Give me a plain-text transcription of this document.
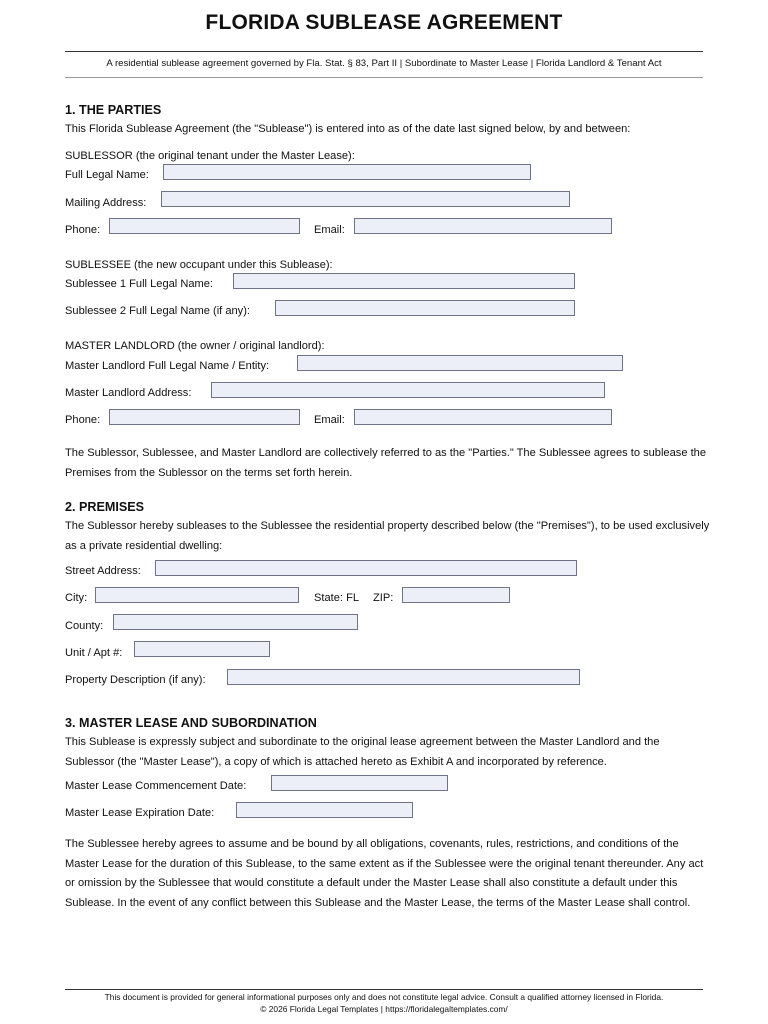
FLORIDA SUBLEASE AGREEMENT
A residential sublease agreement governed by Fla. Stat. § 83, Part II | Subordinate to Master Lease | Florida Landlord & Tenant Act
1. THE PARTIES
This Florida Sublease Agreement (the "Sublease") is entered into as of the date last signed below, by and between:
SUBLESSOR (the original tenant under the Master Lease):
Full Legal Name:
Mailing Address:
Phone:	Email:
SUBLESSEE (the new occupant under this Sublease):
Sublessee 1 Full Legal Name:
Sublessee 2 Full Legal Name (if any):
MASTER LANDLORD (the owner / original landlord):
Master Landlord Full Legal Name / Entity:
Master Landlord Address:
Phone:	Email:
The Sublessor, Sublessee, and Master Landlord are collectively referred to as the "Parties." The Sublessee agrees to sublease the Premises from the Sublessor on the terms set forth herein.
2. PREMISES
The Sublessor hereby subleases to the Sublessee the residential property described below (the "Premises"), to be used exclusively as a private residential dwelling:
Street Address:
City:	State: FL ZIP:
County:
Unit / Apt #:
Property Description (if any):
3. MASTER LEASE AND SUBORDINATION
This Sublease is expressly subject and subordinate to the original lease agreement between the Master Landlord and the Sublessor (the "Master Lease"), a copy of which is attached hereto as Exhibit A and incorporated by reference.
Master Lease Commencement Date:
Master Lease Expiration Date:
The Sublessee hereby agrees to assume and be bound by all obligations, covenants, rules, restrictions, and conditions of the Master Lease for the duration of this Sublease, to the same extent as if the Sublessee were the original tenant thereunder. Any act or omission by the Sublessee that would constitute a default under the Master Lease shall also constitute a default under this Sublease. In the event of any conflict between this Sublease and the Master Lease, the terms of the Master Lease shall control.
This document is provided for general informational purposes only and does not constitute legal advice. Consult a qualified attorney licensed in Florida.
© 2026 Florida Legal Templates | https://floridalegaltemplates.com/
